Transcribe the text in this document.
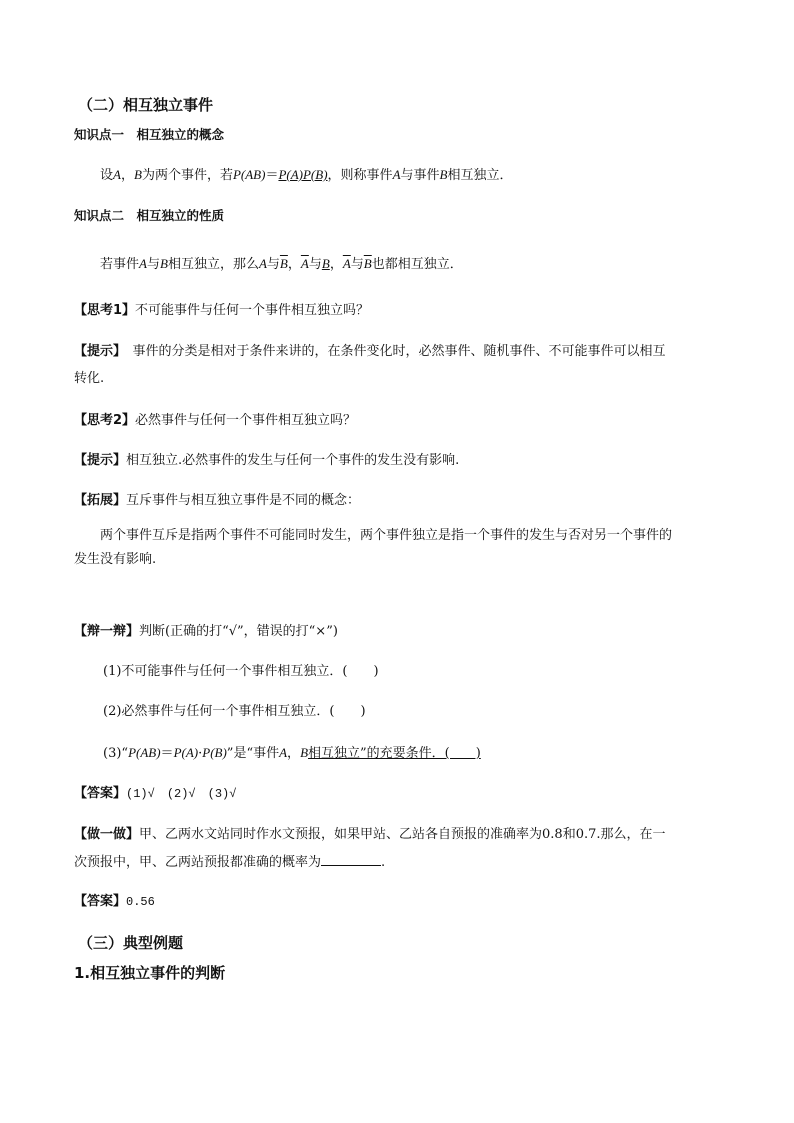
（二）相互独立事件
知识点一　相互独立的概念
设A，B为两个事件，若P(AB)＝P(A)P(B)，则称事件A与事件B相互独立．
知识点二　相互独立的性质
若事件A与B相互独立，那么A与$\overline{B}$，$\overline{A}$与B，$\overline{A}$与$\overline{B}$也都相互独立．
【思考1】不可能事件与任何一个事件相互独立吗？
【提示】　事件的分类是相对于条件来讲的，在条件变化时，必然事件、随机事件、不可能事件可以相互
转化.
【思考2】必然事件与任何一个事件相互独立吗？
【提示】相互独立.必然事件的发生与任何一个事件的发生没有影响.
【拓展】互斥事件与相互独立事件是不同的概念：
两个事件互斥是指两个事件不可能同时发生，两个事件独立是指一个事件的发生与否对另一个事件的
发生没有影响.
【辩一辩】判断(正确的打“√”，错误的打“×”)
(1)不可能事件与任何一个事件相互独立．(　　)
(2)必然事件与任何一个事件相互独立．(　　)
(3)“P(AB)＝P(A)·P(B)”是“事件A，B相互独立”的充要条件．(　　)
【答案】(1)√　(2)√　(3)√
【做一做】甲、乙两水文站同时作水文预报，如果甲站、乙站各自预报的准确率为0.8和0.7.那么，在一
次预报中，甲、乙两站预报都准确的概率为	.
【答案】0.56
（三）典型例题
1.相互独立事件的判断
